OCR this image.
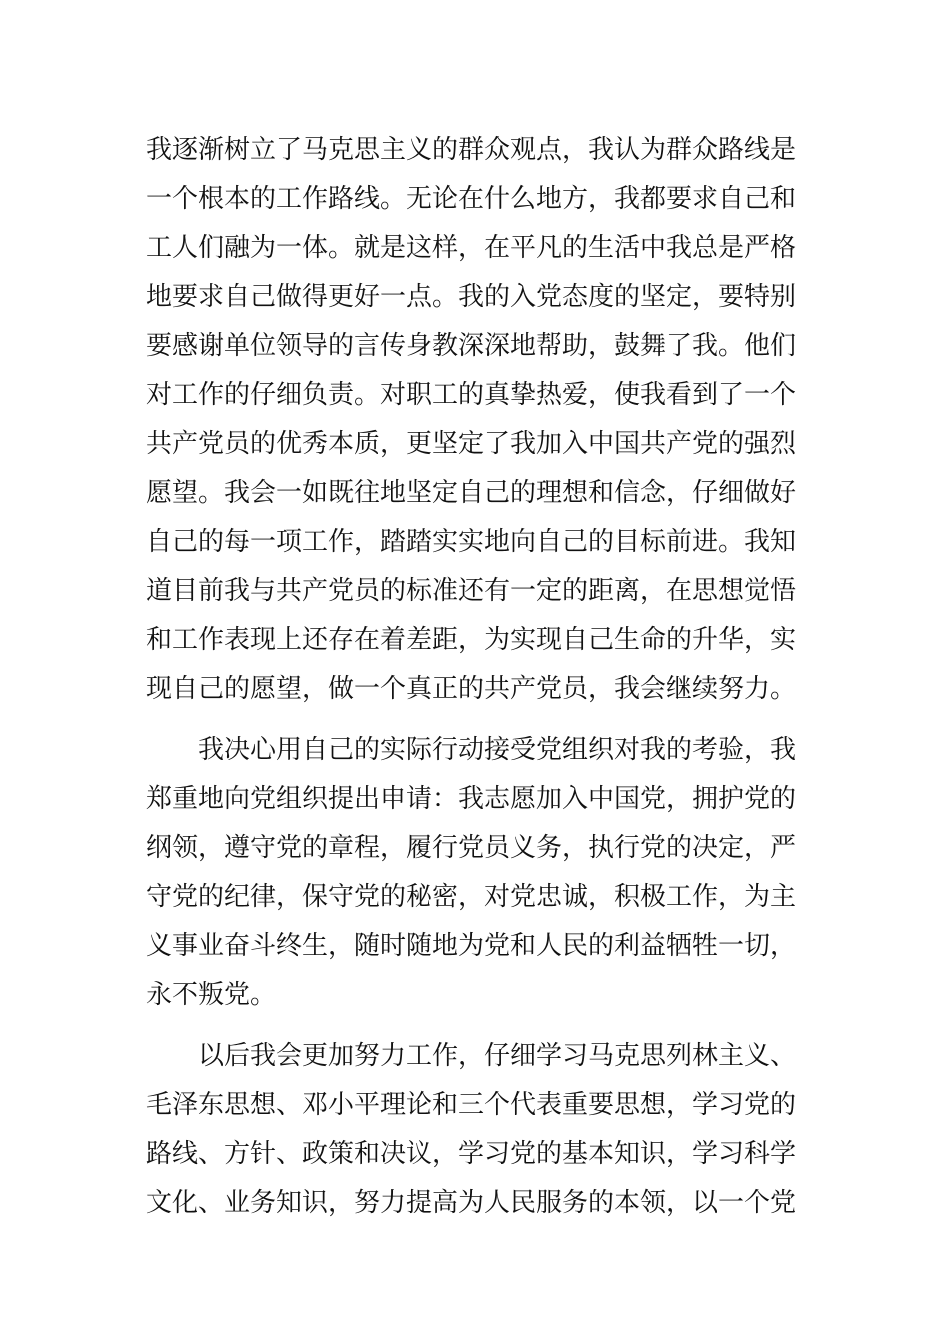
我逐渐树立了马克思主义的群众观点，我认为群众路线是
一个根本的工作路线。无论在什么地方，我都要求自己和
工人们融为一体。就是这样，在平凡的生活中我总是严格
地要求自己做得更好一点。我的入党态度的坚定，要特别
要感谢单位领导的言传身教深深地帮助，鼓舞了我。他们
对工作的仔细负责。对职工的真挚热爱，使我看到了一个
共产党员的优秀本质，更坚定了我加入中国共产党的强烈
愿望。我会一如既往地坚定自己的理想和信念，仔细做好
自己的每一项工作，踏踏实实地向自己的目标前进。我知
道目前我与共产党员的标准还有一定的距离，在思想觉悟
和工作表现上还存在着差距，为实现自己生命的升华，实
现自己的愿望，做一个真正的共产党员，我会继续努力。
我决心用自己的实际行动接受党组织对我的考验，我
郑重地向党组织提出申请：我志愿加入中国党，拥护党的
纲领，遵守党的章程，履行党员义务，执行党的决定，严
守党的纪律，保守党的秘密，对党忠诚，积极工作，为主
义事业奋斗终生，随时随地为党和人民的利益牺牲一切，
永不叛党。
以后我会更加努力工作，仔细学习马克思列林主义、
毛泽东思想、邓小平理论和三个代表重要思想，学习党的
路线、方针、政策和决议，学习党的基本知识，学习科学
文化、业务知识，努力提高为人民服务的本领，以一个党
